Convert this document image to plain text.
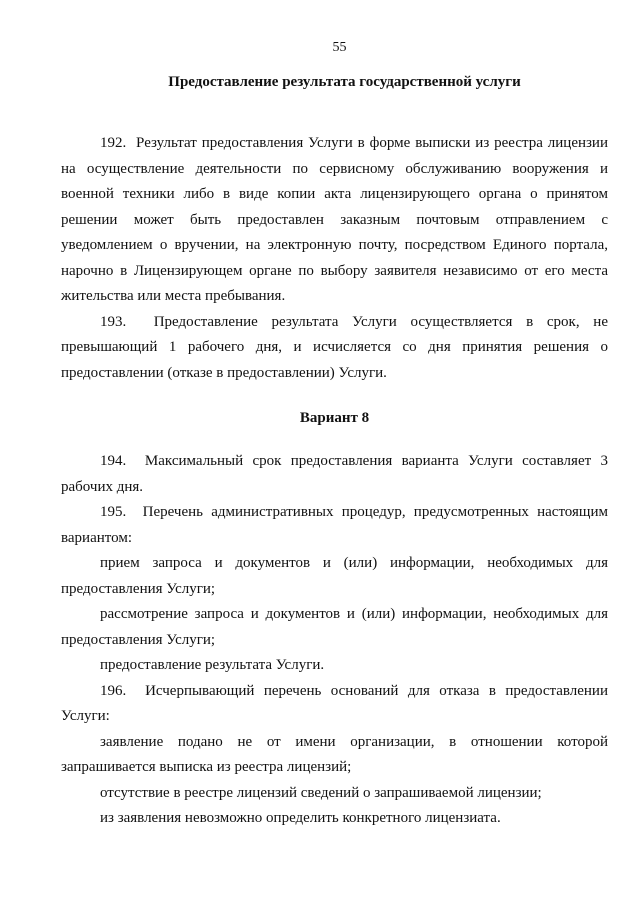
55
Предоставление результата государственной услуги

192.  Результат предоставления Услуги в форме выписки из реестра лицензии на осуществление деятельности по сервисному обслуживанию вооружения и военной техники либо в виде копии акта лицензирующего органа о принятом решении может быть предоставлен заказным почтовым отправлением с уведомлением о вручении, на электронную почту, посредством Единого портала, нарочно в Лицензирующем органе по выбору заявителя независимо от его места жительства или места пребывания.

193.  Предоставление результата Услуги осуществляется в срок, не превышающий 1 рабочего дня, и исчисляется со дня принятия решения о предоставлении (отказе в предоставлении) Услуги.

Вариант 8

194.  Максимальный срок предоставления варианта Услуги составляет 3 рабочих дня.

195.  Перечень административных процедур, предусмотренных настоящим вариантом:

прием запроса и документов и (или) информации, необходимых для предоставления Услуги;

рассмотрение запроса и документов и (или) информации, необходимых для предоставления Услуги;

предоставление результата Услуги.

196.  Исчерпывающий перечень оснований для отказа в предоставлении Услуги:

заявление подано не от имени организации, в отношении которой запрашивается выписка из реестра лицензий;

отсутствие в реестре лицензий сведений о запрашиваемой лицензии;

из заявления невозможно определить конкретного лицензиата.
